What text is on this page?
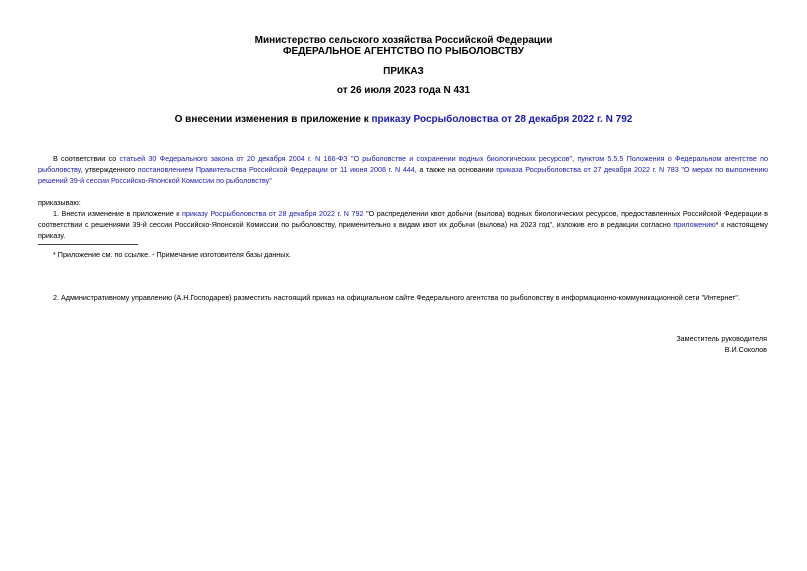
Министерство сельского хозяйства Российской Федерации
ФЕДЕРАЛЬНОЕ АГЕНТСТВО ПО РЫБОЛОВСТВУ
ПРИКАЗ
от 26 июля 2023 года N 431
О внесении изменения в приложение к приказу Росрыболовства от 28 декабря 2022 г. N 792
В соответствии со статьей 30 Федерального закона от 20 декабря 2004 г. N 166-ФЗ "О рыболовстве и сохранении водных биологических ресурсов", пунктом 5.5.5 Положения о Федеральном агентстве по рыболовству, утвержденного постановлением Правительства Российской Федерации от 11 июня 2008 г. N 444, а также на основании приказа Росрыболовства от 27 декабря 2022 г. N 783 "О мерах по выполнению решений 39-й сессии Российско-Японской Комиссии по рыболовству"
приказываю:
1. Внести изменение в приложение к приказу Росрыболовства от 28 декабря 2022 г. N 792 "О распределении квот добычи (вылова) водных биологических ресурсов, предоставленных Российской Федерации в соответствии с решениями 39-й сессии Российско-Японской Комиссии по рыболовству, применительно к видам квот их добычи (вылова) на 2023 год", изложив его в редакции согласно приложению* к настоящему приказу.
* Приложение см. по ссылке. - Примечание изготовителя базы данных.
2. Административному управлению (А.Н.Господарев) разместить настоящий приказ на официальном сайте Федерального агентства по рыболовству в информационно-коммуникационной сети "Интернет".
Заместитель руководителя
В.И.Соколов
